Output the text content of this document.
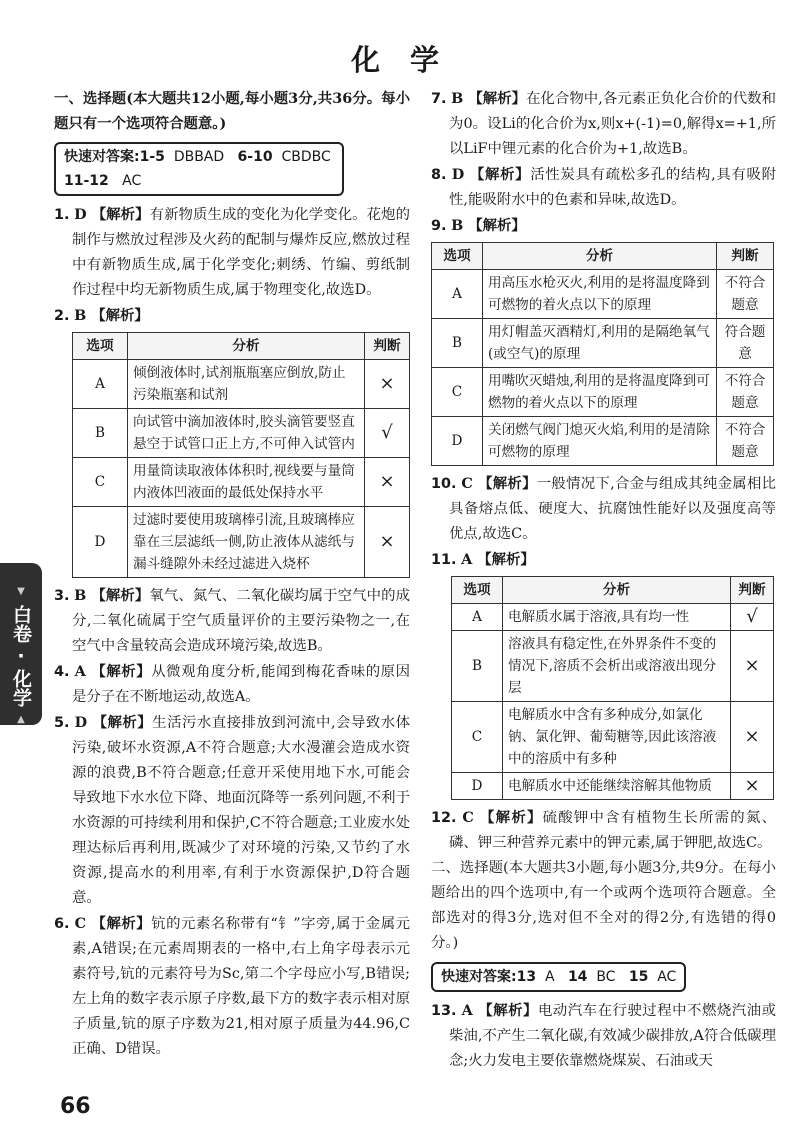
化 学
▼
白卷
·
化学
▲

一、选择题(本大题共12小题,每小题3分,共36分。每小题只有一个选项符合题意。)

快速对答案:1-5 DBBAD 6-10 CBDBC
11-12 AC

1. D 【解析】有新物质生成的变化为化学变化。花炮的制作与燃放过程涉及火药的配制与爆炸反应,燃放过程中有新物质生成,属于化学变化;刺绣、竹编、剪纸制作过程中均无新物质生成,属于物理变化,故选D。

2. B 【解析】

选项	分析	判断
A	倾倒液体时,试剂瓶瓶塞应倒放,防止污染瓶塞和试剂	×
B	向试管中滴加液体时,胶头滴管要竖直悬空于试管口正上方,不可伸入试管内	√
C	用量筒读取液体体积时,视线要与量筒内液体凹液面的最低处保持水平	×
D	过滤时要使用玻璃棒引流,且玻璃棒应靠在三层滤纸一侧,防止液体从滤纸与漏斗缝隙外未经过滤进入烧杯	×

3. B 【解析】氧气、氮气、二氧化碳均属于空气中的成分,二氧化硫属于空气质量评价的主要污染物之一,在空气中含量较高会造成环境污染,故选B。

4. A 【解析】从微观角度分析,能闻到梅花香味的原因是分子在不断地运动,故选A。

5. D 【解析】生活污水直接排放到河流中,会导致水体污染,破坏水资源,A不符合题意;大水漫灌会造成水资源的浪费,B不符合题意;任意开采使用地下水,可能会导致地下水水位下降、地面沉降等一系列问题,不利于水资源的可持续利用和保护,C不符合题意;工业废水处理达标后再利用,既减少了对环境的污染,又节约了水资源,提高水的利用率,有利于水资源保护,D符合题意。

6. C 【解析】钪的元素名称带有“钅”字旁,属于金属元素,A错误;在元素周期表的一格中,右上角字母表示元素符号,钪的元素符号为Sc,第二个字母应小写,B错误;左上角的数字表示原子序数,最下方的数字表示相对原子质量,钪的原子序数为21,相对原子质量为44.96,C正确、D错误。

7. B 【解析】在化合物中,各元素正负化合价的代数和为0。设Li的化合价为x,则x+(-1)=0,解得x=+1,所以LiF中锂元素的化合价为+1,故选B。

8. D 【解析】活性炭具有疏松多孔的结构,具有吸附性,能吸附水中的色素和异味,故选D。

9. B 【解析】

选项	分析	判断
A	用高压水枪灭火,利用的是将温度降到可燃物的着火点以下的原理	不符合题意
B	用灯帽盖灭酒精灯,利用的是隔绝氧气(或空气)的原理	符合题意
C	用嘴吹灭蜡烛,利用的是将温度降到可燃物的着火点以下的原理	不符合题意
D	关闭燃气阀门熄灭火焰,利用的是清除可燃物的原理	不符合题意

10. C 【解析】一般情况下,合金与组成其纯金属相比具备熔点低、硬度大、抗腐蚀性能好以及强度高等优点,故选C。

11. A 【解析】

选项	分析	判断
A	电解质水属于溶液,具有均一性	√
B	溶液具有稳定性,在外界条件不变的情况下,溶质不会析出或溶液出现分层	×
C	电解质水中含有多种成分,如氯化钠、氯化钾、葡萄糖等,因此该溶液中的溶质中有多种	×
D	电解质水中还能继续溶解其他物质	×

12. C 【解析】硫酸钾中含有植物生长所需的氮、磷、钾三种营养元素中的钾元素,属于钾肥,故选C。

二、选择题(本大题共3小题,每小题3分,共9分。在每小题给出的四个选项中,有一个或两个选项符合题意。全部选对的得3分,选对但不全对的得2分,有选错的得0分。)

快速对答案:13 A 14 BC 15 AC

13. A 【解析】电动汽车在行驶过程中不燃烧汽油或柴油,不产生二氧化碳,有效减少碳排放,A符合低碳理念;火力发电主要依靠燃烧煤炭、石油或天

66
